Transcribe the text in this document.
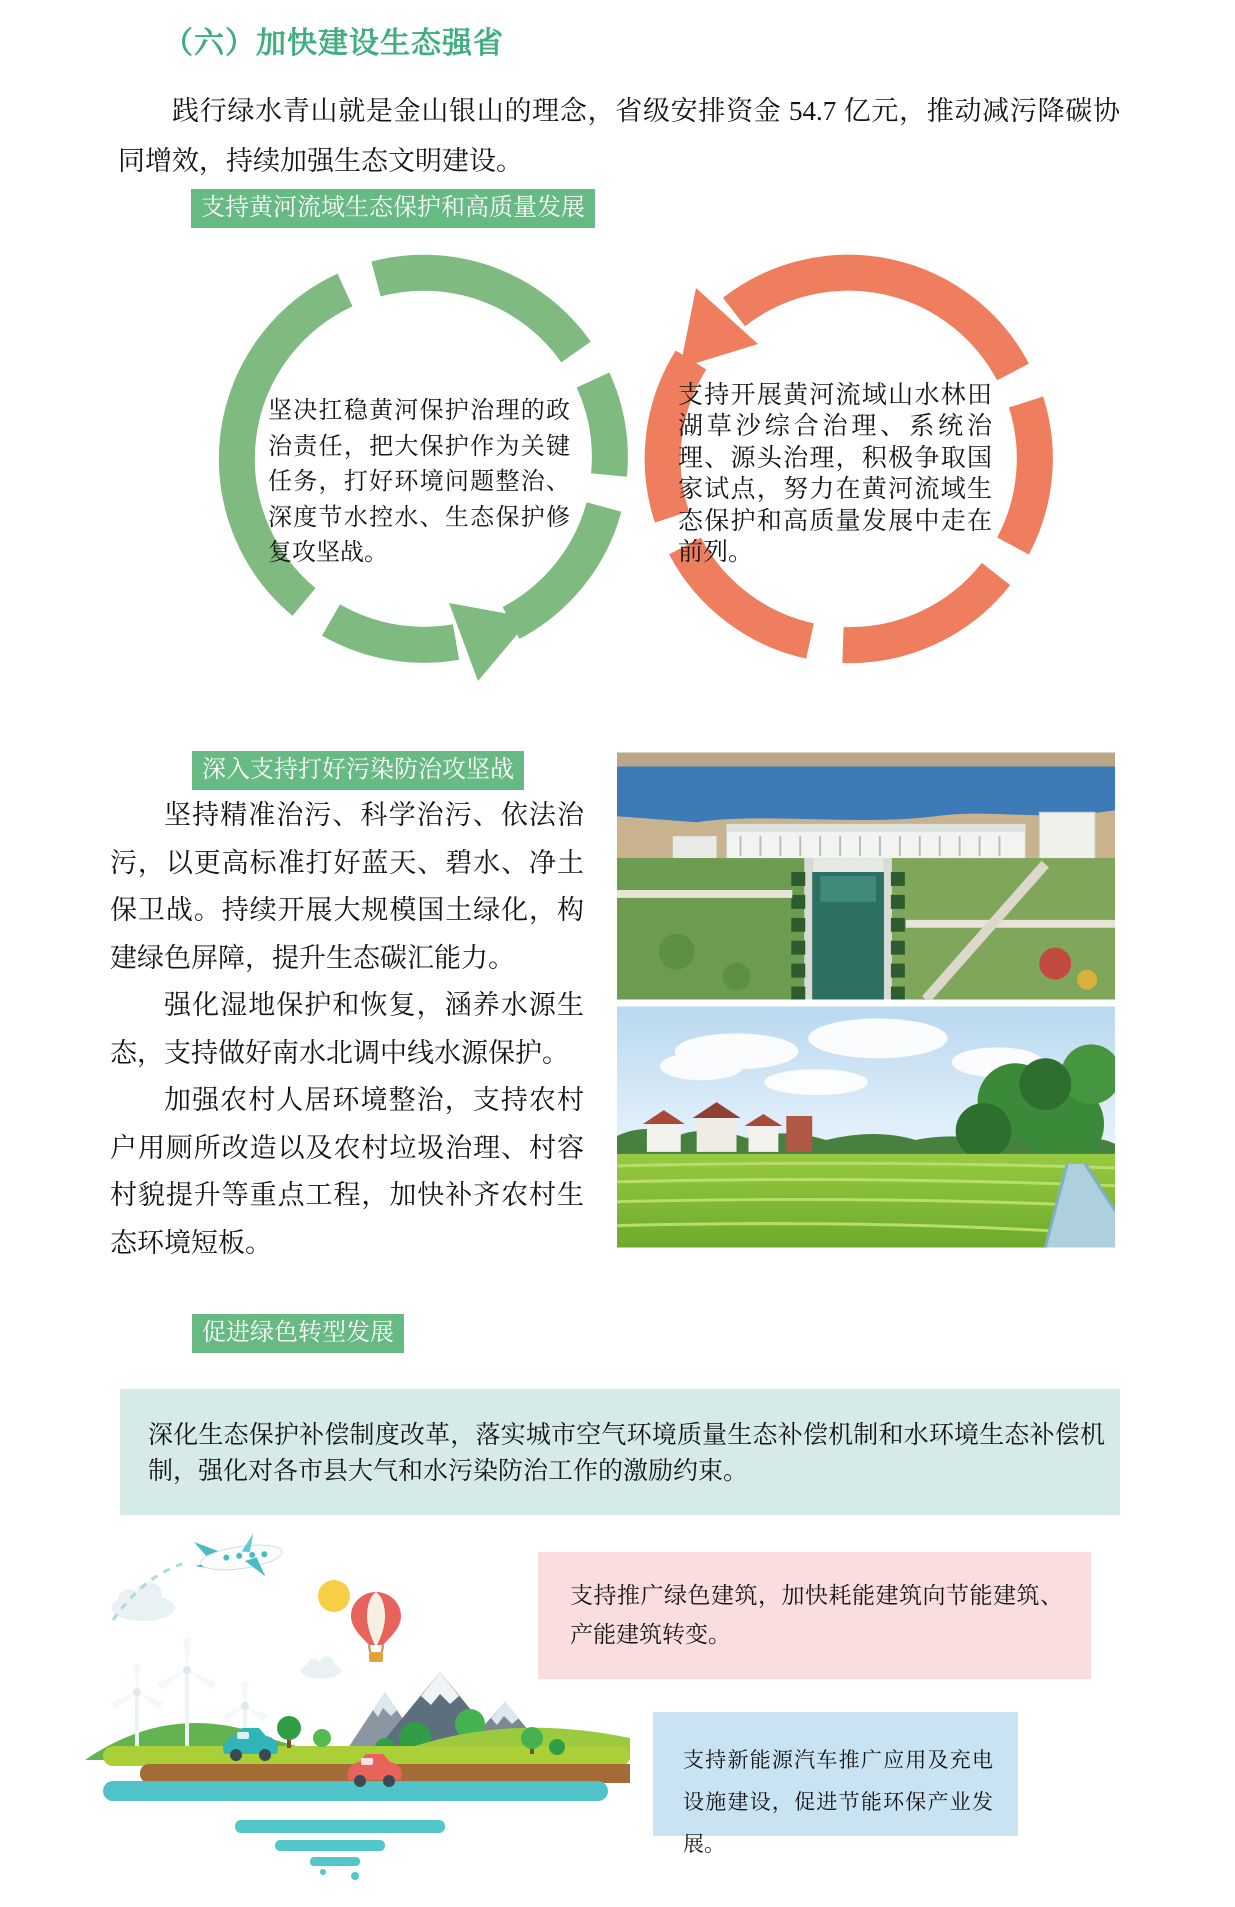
（六）加快建设生态强省

践行绿水青山就是金山银山的理念，省级安排资金 54.7 亿元，推动减污降碳协同增效，持续加强生态文明建设。

支持黄河流域生态保护和高质量发展
坚决扛稳黄河保护治理的政治责任，把大保护作为关键任务，打好环境问题整治、深度节水控水、生态保护修复攻坚战。
支持开展黄河流域山水林田湖草沙综合治理、系统治理、源头治理，积极争取国家试点，努力在黄河流域生态保护和高质量发展中走在前列。
深入支持打好污染防治攻坚战

坚持精准治污、科学治污、依法治污，以更高标准打好蓝天、碧水、净土保卫战。持续开展大规模国土绿化，构建绿色屏障，提升生态碳汇能力。

强化湿地保护和恢复，涵养水源生态，支持做好南水北调中线水源保护。

加强农村人居环境整治，支持农村户用厕所改造以及农村垃圾治理、村容村貌提升等重点工程，加快补齐农村生态环境短板。

促进绿色转型发展
深化生态保护补偿制度改革，落实城市空气环境质量生态补偿机制和水环境生态补偿机制，强化对各市县大气和水污染防治工作的激励约束。
支持推广绿色建筑，加快耗能建筑向节能建筑、产能建筑转变。
支持新能源汽车推广应用及充电设施建设，促进节能环保产业发展。
